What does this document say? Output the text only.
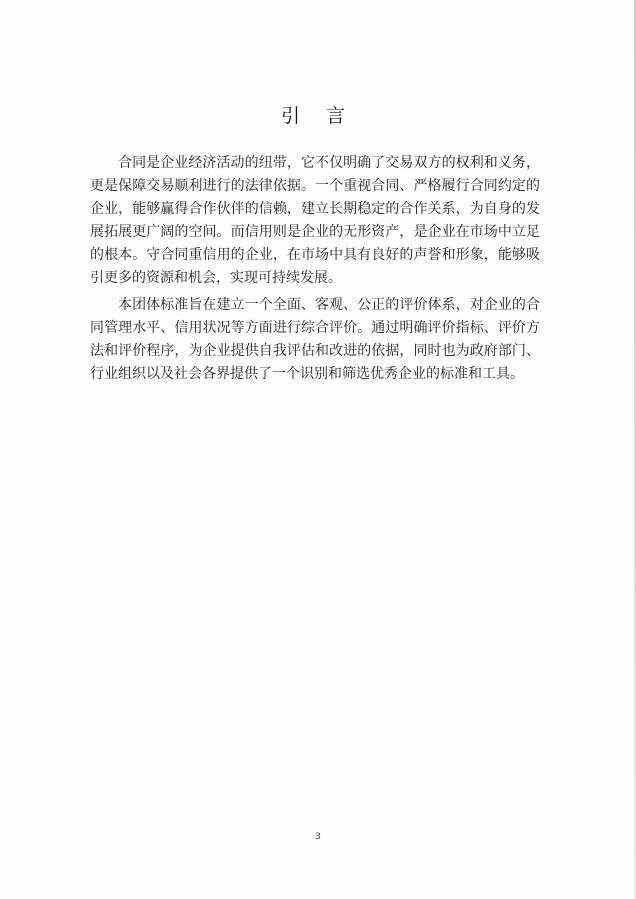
引 言

合同是企业经济活动的纽带，它不仅明确了交易双方的权利和义务，更是保障交易顺利进行的法律依据。一个重视合同、严格履行合同约定的企业，能够赢得合作伙伴的信赖，建立长期稳定的合作关系，为自身的发展拓展更广阔的空间。而信用则是企业的无形资产，是企业在市场中立足的根本。守合同重信用的企业，在市场中具有良好的声誉和形象，能够吸引更多的资源和机会，实现可持续发展。

本团体标准旨在建立一个全面、客观、公正的评价体系，对企业的合同管理水平、信用状况等方面进行综合评价。通过明确评价指标、评价方法和评价程序，为企业提供自我评估和改进的依据，同时也为政府部门、行业组织以及社会各界提供了一个识别和筛选优秀企业的标准和工具。

3
